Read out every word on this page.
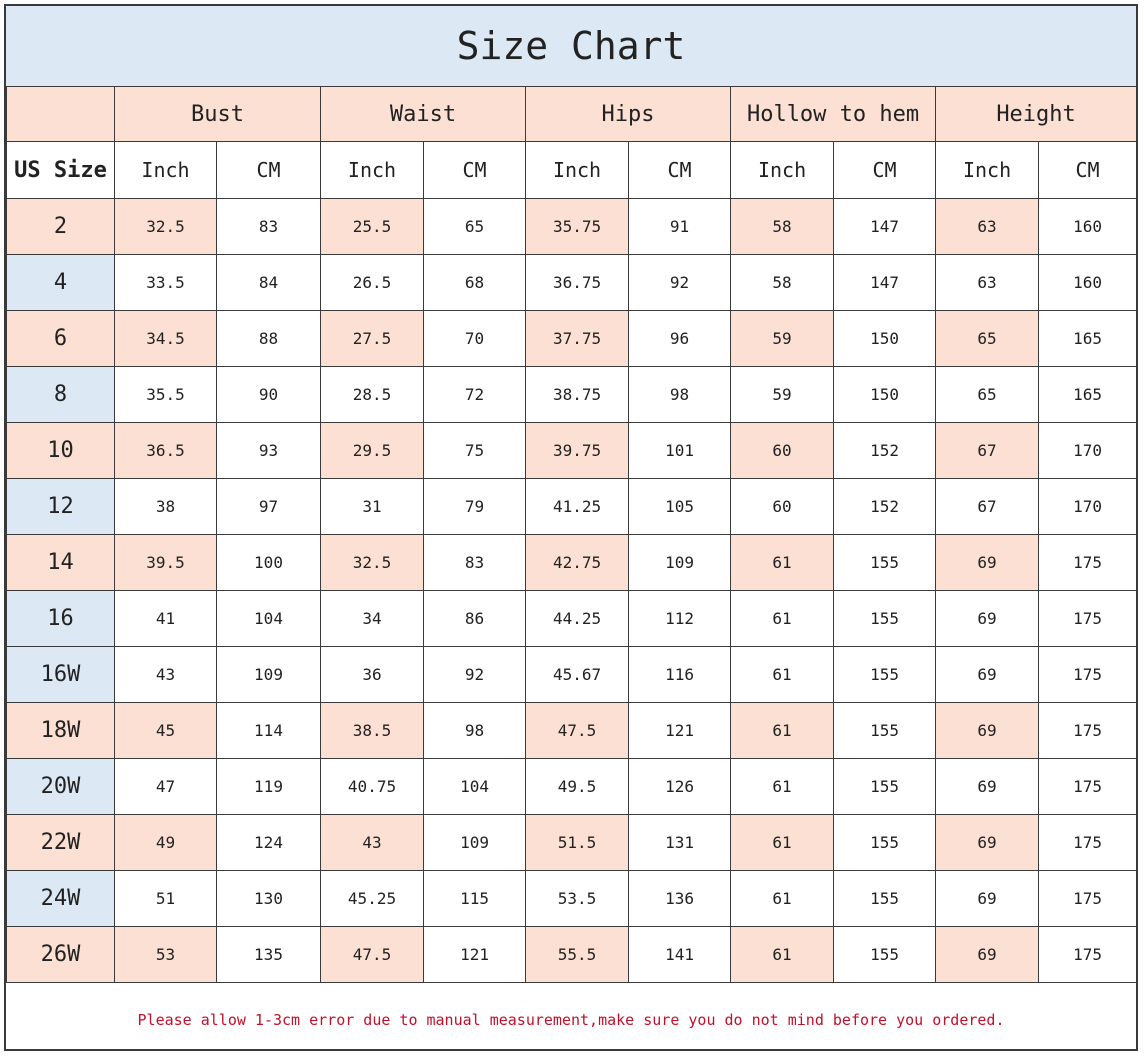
Size Chart
	Bust		Waist		Hips		Hollow to hem		Height	
US Size	Inch	CM	Inch	CM	Inch	CM	Inch	CM	Inch	CM
2	32.5	83	25.5	65	35.75	91	58	147	63	160
4	33.5	84	26.5	68	36.75	92	58	147	63	160
6	34.5	88	27.5	70	37.75	96	59	150	65	165
8	35.5	90	28.5	72	38.75	98	59	150	65	165
10	36.5	93	29.5	75	39.75	101	60	152	67	170
12	38	97	31	79	41.25	105	60	152	67	170
14	39.5	100	32.5	83	42.75	109	61	155	69	175
16	41	104	34	86	44.25	112	61	155	69	175
16W	43	109	36	92	45.67	116	61	155	69	175
18W	45	114	38.5	98	47.5	121	61	155	69	175
20W	47	119	40.75	104	49.5	126	61	155	69	175
22W	49	124	43	109	51.5	131	61	155	69	175
24W	51	130	45.25	115	53.5	136	61	155	69	175
26W	53	135	47.5	121	55.5	141	61	155	69	175
Please allow 1-3cm error due to manual measurement,make sure you do not mind before you ordered.
